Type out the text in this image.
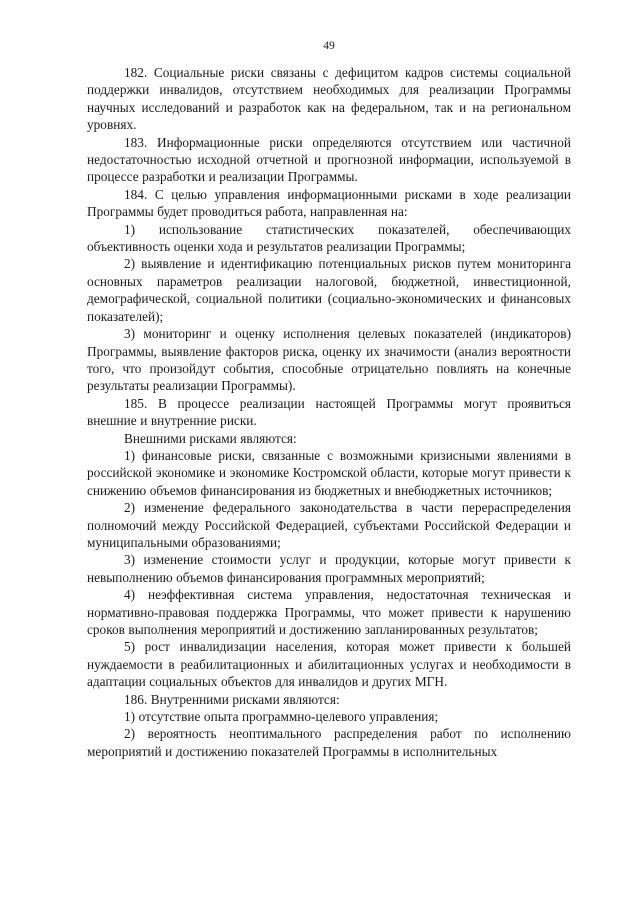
49

182. Социальные риски связаны с дефицитом кадров системы социальной поддержки инвалидов, отсутствием необходимых для реализации Программы научных исследований и разработок как на федеральном, так и на региональном уровнях.

183. Информационные риски определяются отсутствием или частичной недостаточностью исходной отчетной и прогнозной информации, используемой в процессе разработки и реализации Программы.

184. С целью управления информационными рисками в ходе реализации Программы будет проводиться работа, направленная на:

1) использование статистических показателей, обеспечивающих объективность оценки хода и результатов реализации Программы;

2) выявление и идентификацию потенциальных рисков путем мониторинга основных параметров реализации налоговой, бюджетной, инвестиционной, демографической, социальной политики (социально-экономических и финансовых показателей);

3) мониторинг и оценку исполнения целевых показателей (индикаторов) Программы, выявление факторов риска, оценку их значимости (анализ вероятности того, что произойдут события, способные отрицательно повлиять на конечные результаты реализации Программы).

185. В процессе реализации настоящей Программы могут проявиться внешние и внутренние риски.

Внешними рисками являются:

1) финансовые риски, связанные с возможными кризисными явлениями в российской экономике и экономике Костромской области, которые могут привести к снижению объемов финансирования из бюджетных и внебюджетных источников;

2) изменение федерального законодательства в части перераспределения полномочий между Российской Федерацией, субъектами Российской Федерации и муниципальными образованиями;

3) изменение стоимости услуг и продукции, которые могут привести к невыполнению объемов финансирования программных мероприятий;

4) неэффективная система управления, недостаточная техническая и нормативно-правовая поддержка Программы, что может привести к нарушению сроков выполнения мероприятий и достижению запланированных результатов;

5) рост инвалидизации населения, которая может привести к большей нуждаемости в реабилитационных и абилитационных услугах и необходимости в адаптации социальных объектов для инвалидов и других МГН.

186. Внутренними рисками являются:

1) отсутствие опыта программно-целевого управления;

2) вероятность неоптимального распределения работ по исполнению мероприятий и достижению показателей Программы в исполнительных
